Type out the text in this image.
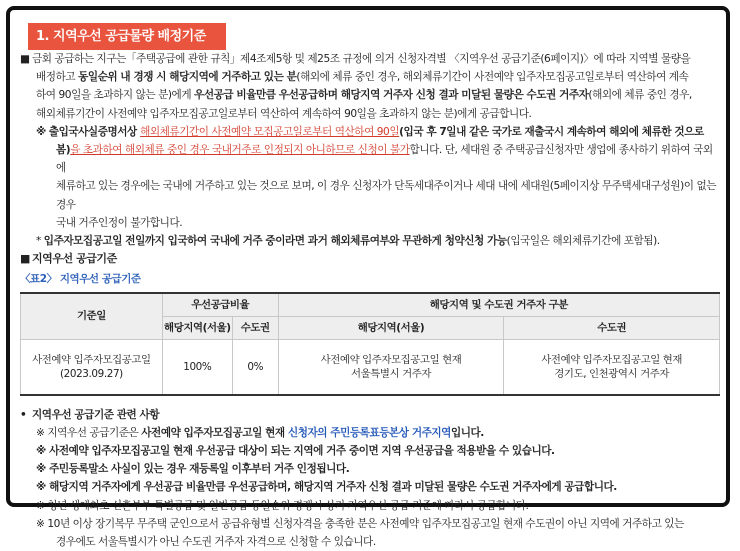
1. 지역우선 공급물량 배정기준

■ 금회 공급하는 지구는「주택공급에 관한 규칙」제4조제5항 및 제25조 규정에 의거 신청자격별 〈지역우선 공급기준(6페이지)〉에 따라 지역별 물량을

배정하고 동일순위 내 경쟁 시 해당지역에 거주하고 있는 분(해외에 체류 중인 경우, 해외체류기간이 사전예약 입주자모집공고일로부터 역산하여 계속

하여 90일을 초과하지 않는 분)에게 우선공급 비율만큼 우선공급하며 해당지역 거주자 신청 결과 미달된 물량은 수도권 거주자(해외에 체류 중인 경우,

해외체류기간이 사전예약 입주자모집공고일로부터 역산하여 계속하여 90일을 초과하지 않는 분)에게 공급합니다.

※ 출입국사실증명서상 해외체류기간이 사전예약 모집공고일로부터 역산하여 90일(입국 후 7일내 같은 국가로 재출국시 계속하여 해외에 체류한 것으로

봄)을 초과하여 해외체류 중인 경우 국내거주로 인정되지 아니하므로 신청이 불가합니다. 단, 세대원 중 주택공급신청자만 생업에 종사하기 위하여 국외에

체류하고 있는 경우에는 국내에 거주하고 있는 것으로 보며, 이 경우 신청자가 단독세대주이거나 세대 내에 세대원(5페이지상 무주택세대구성원)이 없는 경우

국내 거주인정이 불가합니다.

* 입주자모집공고일 전일까지 입국하여 국내에 거주 중이라면 과거 해외체류여부와 무관하게 청약신청 가능(입국일은 해외체류기간에 포함됨).

■ 지역우선 공급기준

〈표2〉 지역우선 공급기준
기준일	우선공급비율		해당지역 및 수도권 거주자 구분	
	해당지역(서울)	수도권	해당지역(서울)	수도권
사전예약 입주자모집공고일
(2023.09.27)	100%	0%	사전예약 입주자모집공고일 현재
서울특별시 거주자	사전예약 입주자모집공고일 현재
경기도, 인천광역시 거주자

• 지역우선 공급기준 관련 사항

※ 지역우선 공급기준은 사전예약 입주자모집공고일 현재 신청자의 주민등록표등본상 거주지역입니다.

※ 사전예약 입주자모집공고일 현재 우선공급 대상이 되는 지역에 거주 중이면 지역 우선공급을 적용받을 수 있습니다.

※ 주민등록말소 사실이 있는 경우 재등록일 이후부터 거주 인정됩니다.

※ 해당지역 거주자에게 우선공급 비율만큼 우선공급하며, 해당지역 거주자 신청 결과 미달된 물량은 수도권 거주자에게 공급합니다.

※ 청년·생애최초·신혼부부 특별공급 및 일반공급 동일순위 경쟁시 상기 지역우선 공급 기준에 따라서 공급합니다.

※ 10년 이상 장기복무 무주택 군인으로서 공급유형별 신청자격을 충족한 분은 사전예약 입주자모집공고일 현재 수도권이 아닌 지역에 거주하고 있는

경우에도 서울특별시가 아닌 수도권 거주자 자격으로 신청할 수 있습니다.
